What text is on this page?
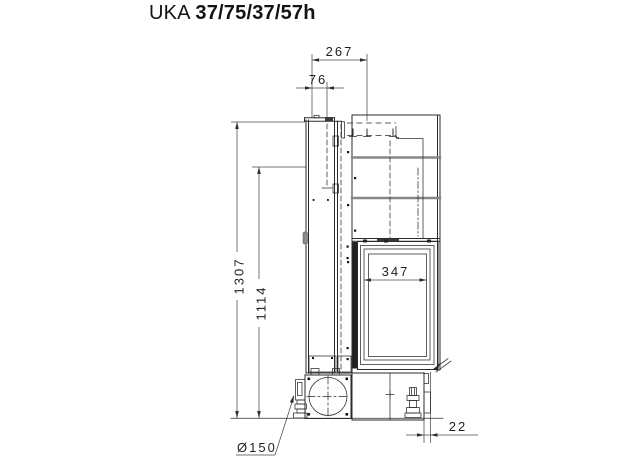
UKA 37/75/37/57h
267
76
1307
1114
347
22
Ø150
